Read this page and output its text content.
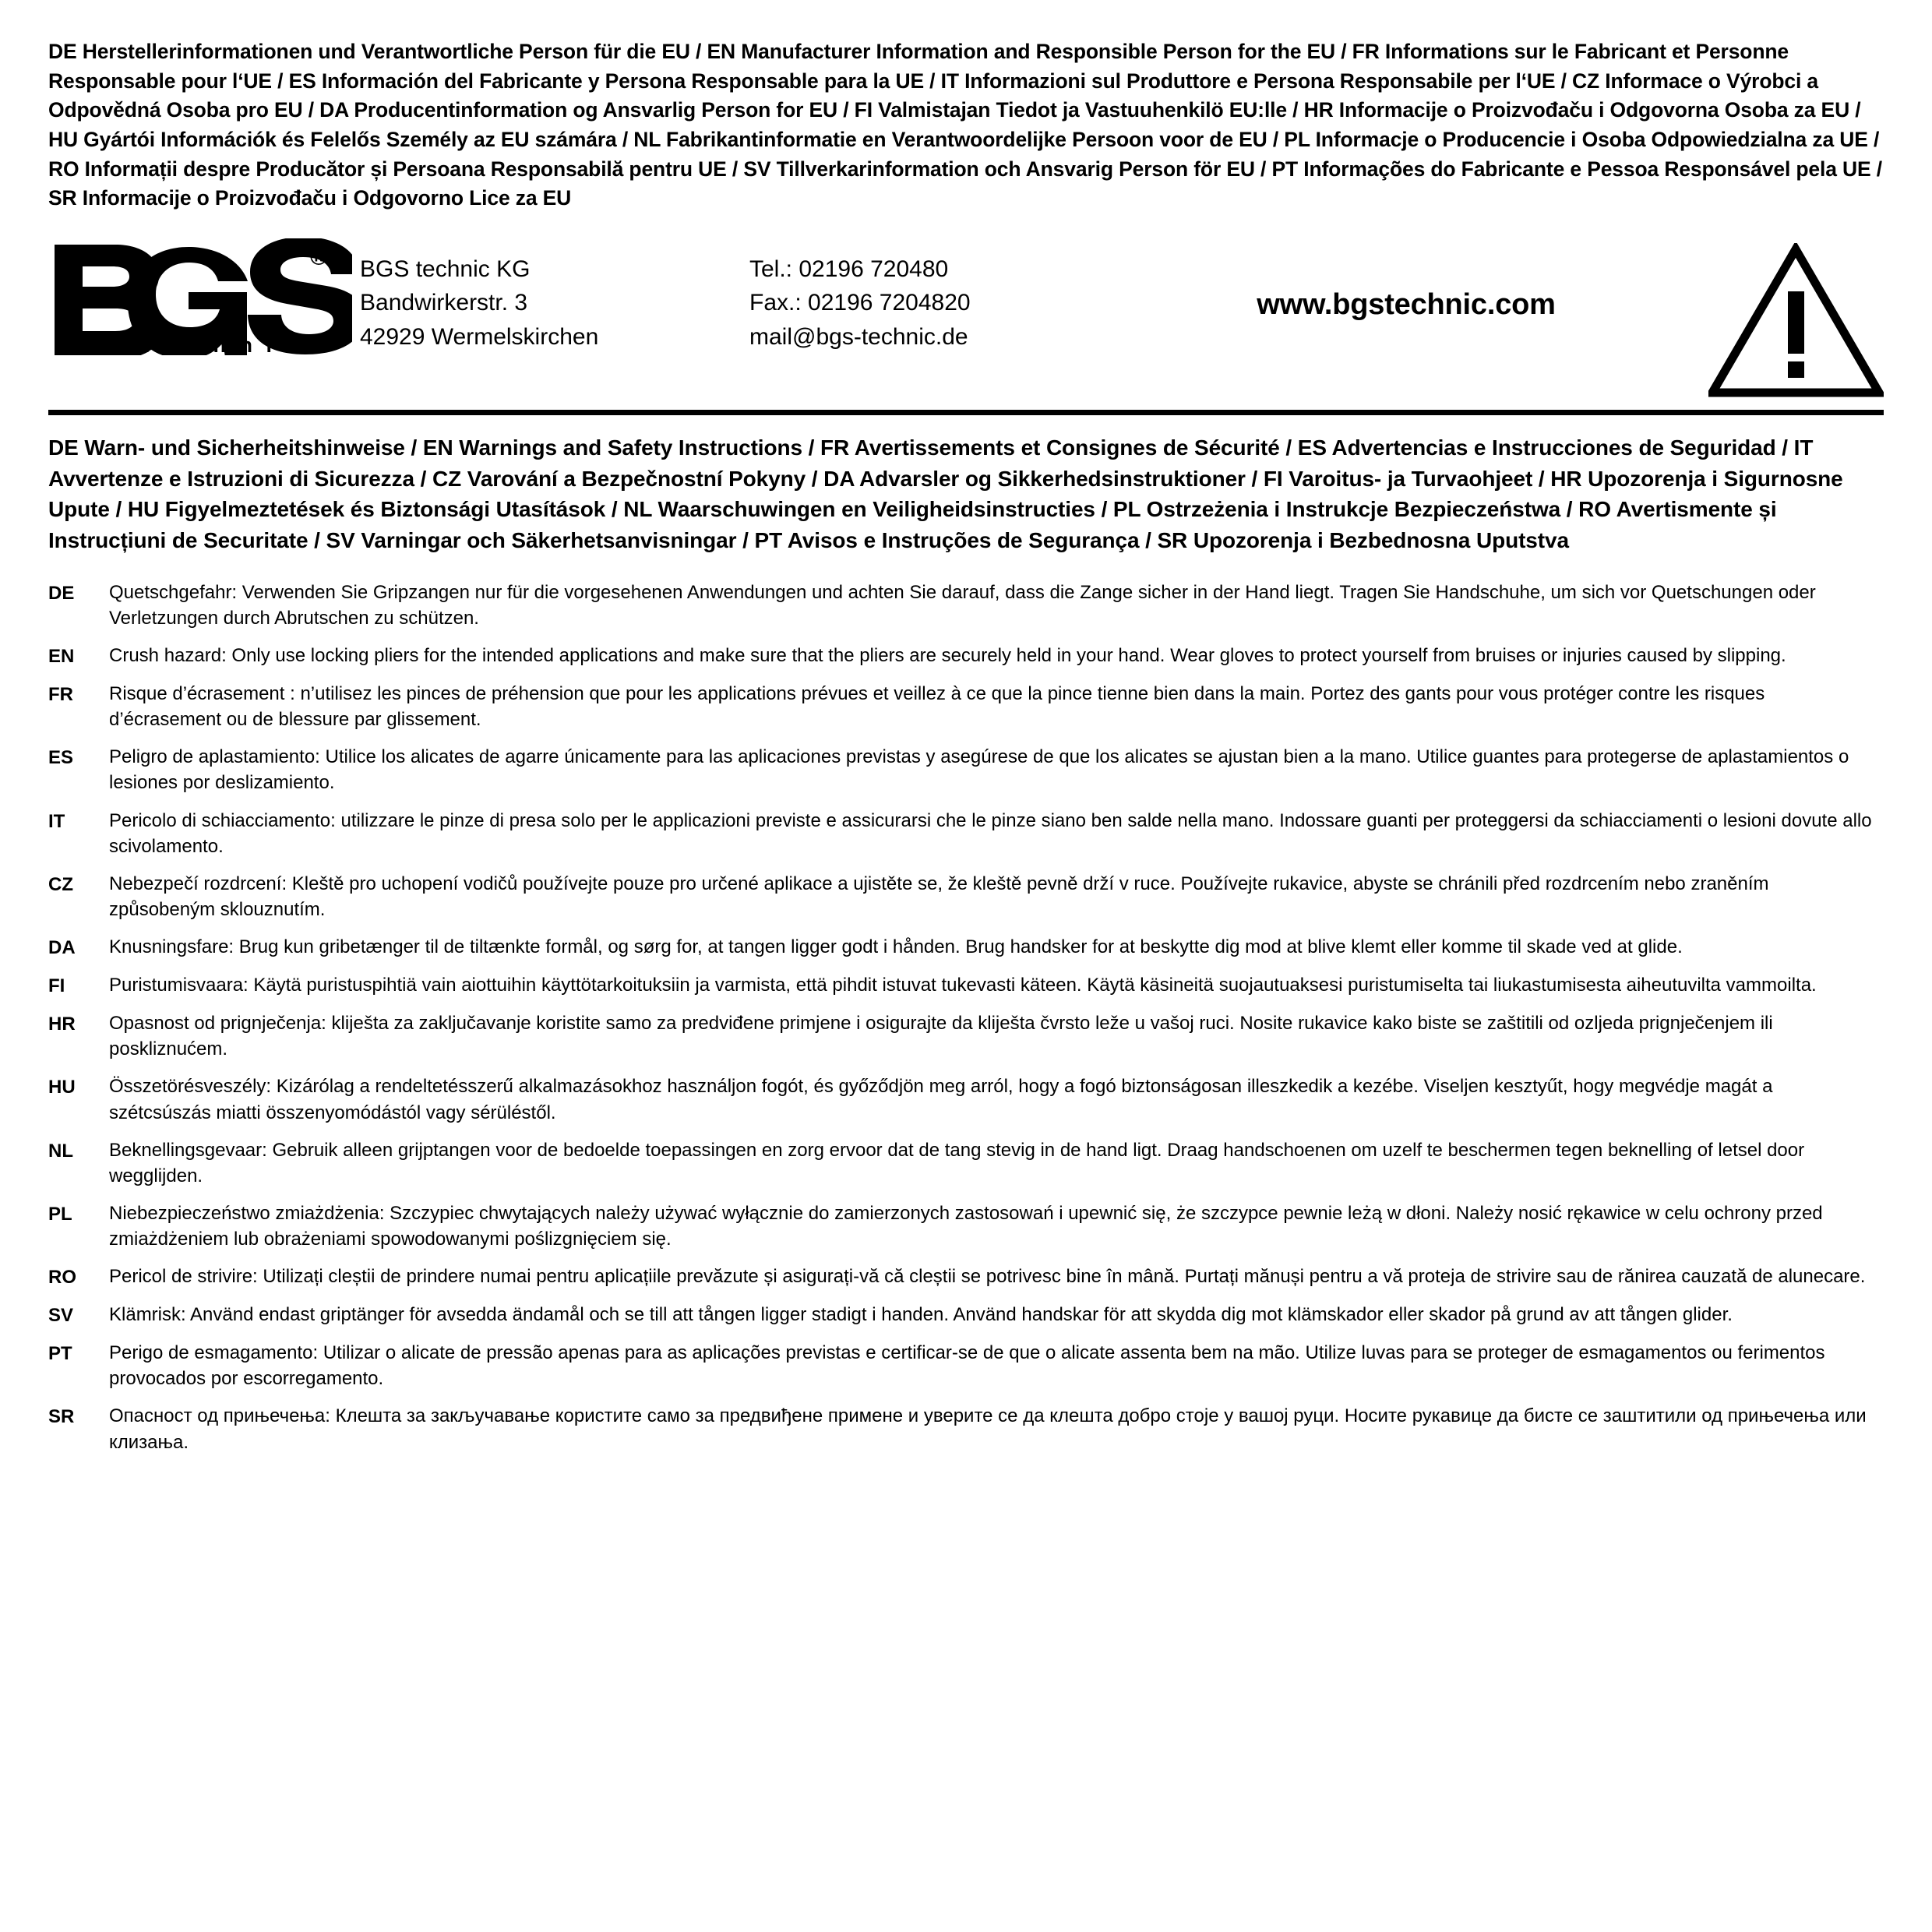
DE Herstellerinformationen und Verantwortliche Person für die EU / EN Manufacturer Information and Responsible Person for the EU / FR Informations sur le Fabricant et Personne Responsable pour l‘UE / ES Información del Fabricante y Persona Responsable para la UE / IT Informazioni sul Produttore e Persona Responsabile per l‘UE / CZ Informace o Výrobci a Odpovědná Osoba pro EU / DA Producentinformation og Ansvarlig Person for EU / FI Valmistajan Tiedot ja Vastuuhenkilö EU:lle / HR Informacije o Proizvođaču i Odgovorna Osoba za EU / HU Gyártói Információk és Felelős Személy az EU számára / NL Fabrikantinformatie en Verantwoordelijke Persoon voor de EU / PL Informacje o Producencie i Osoba Odpowiedzialna za UE / RO Informații despre Producător și Persoana Responsabilă pentru UE / SV Tillverkarinformation och Ansvarig Person för EU / PT Informações do Fabricante e Pessoa Responsável pela UE / SR Informacije o Proizvođaču i Odgovorno Lice za EU
®
t e c h n i c
BGS technic KG
Bandwirkerstr. 3
42929 Wermelskirchen
Tel.: 02196 720480
Fax.: 02196 7204820
mail@bgs-technic.de
www.bgstechnic.com
DE Warn- und Sicherheitshinweise / EN Warnings and Safety Instructions / FR Avertissements et Consignes de Sécurité / ES Advertencias e Instrucciones de Seguridad / IT Avvertenze e Istruzioni di Sicurezza / CZ Varování a Bezpečnostní Pokyny / DA Advarsler og Sikkerhedsinstruktioner / FI Varoitus- ja Turvaohjeet / HR Upozorenja i Sigurnosne Upute / HU Figyelmeztetések és Biztonsági Utasítások / NL Waarschuwingen en Veiligheidsinstructies / PL Ostrzeżenia i Instrukcje Bezpieczeństwa / RO Avertismente și Instrucțiuni de Securitate / SV Varningar och Säkerhetsanvisningar / PT Avisos e Instruções de Segurança / SR Upozorenja i Bezbednosna Uputstva
DE	Quetschgefahr: Verwenden Sie Gripzangen nur für die vorgesehenen Anwendungen und achten Sie darauf, dass die Zange sicher in der Hand liegt. Tragen Sie Handschuhe, um sich vor Quetschungen oder Verletzungen durch Abrutschen zu schützen.
EN	Crush hazard: Only use locking pliers for the intended applications and make sure that the pliers are securely held in your hand. Wear gloves to protect yourself from bruises or injuries caused by slipping.
FR	Risque d’écrasement : n’utilisez les pinces de préhension que pour les applications prévues et veillez à ce que la pince tienne bien dans la main. Portez des gants pour vous protéger contre les risques d’écrasement ou de blessure par glissement.
ES	Peligro de aplastamiento: Utilice los alicates de agarre únicamente para las aplicaciones previstas y asegúrese de que los alicates se ajustan bien a la mano. Utilice guantes para protegerse de aplastamientos o lesiones por deslizamiento.
IT	Pericolo di schiacciamento: utilizzare le pinze di presa solo per le applicazioni previste e assicurarsi che le pinze siano ben salde nella mano. Indossare guanti per proteggersi da schiacciamenti o lesioni dovute allo scivolamento.
CZ	Nebezpečí rozdrcení: Kleště pro uchopení vodičů používejte pouze pro určené aplikace a ujistěte se, že kleště pevně drží v ruce. Používejte rukavice, abyste se chránili před rozdrcením nebo zraněním způsobeným sklouznutím.
DA	Knusningsfare: Brug kun gribetænger til de tiltænkte formål, og sørg for, at tangen ligger godt i hånden. Brug handsker for at beskytte dig mod at blive klemt eller komme til skade ved at glide.
FI	Puristumisvaara: Käytä puristuspihtiä vain aiottuihin käyttötarkoituksiin ja varmista, että pihdit istuvat tukevasti käteen. Käytä käsineitä suojautuaksesi puristumiselta tai liukastumisesta aiheutuvilta vammoilta.
HR	Opasnost od prignječenja: kliješta za zaključavanje koristite samo za predviđene primjene i osigurajte da kliješta čvrsto leže u vašoj ruci. Nosite rukavice kako biste se zaštitili od ozljeda prignječenjem ili poskliznućem.
HU	Összetörésveszély: Kizárólag a rendeltetésszerű alkalmazásokhoz használjon fogót, és győződjön meg arról, hogy a fogó biztonságosan illeszkedik a kezébe. Viseljen kesztyűt, hogy megvédje magát a szétcsúszás miatti összenyomódástól vagy sérüléstől.
NL	Beknellingsgevaar: Gebruik alleen grijptangen voor de bedoelde toepassingen en zorg ervoor dat de tang stevig in de hand ligt. Draag handschoenen om uzelf te beschermen tegen beknelling of letsel door wegglijden.
PL	Niebezpieczeństwo zmiażdżenia: Szczypiec chwytających należy używać wyłącznie do zamierzonych zastosowań i upewnić się, że szczypce pewnie leżą w dłoni. Należy nosić rękawice w celu ochrony przed zmiażdżeniem lub obrażeniami spowodowanymi poślizgnięciem się.
RO	Pericol de strivire: Utilizați cleștii de prindere numai pentru aplicațiile prevăzute și asigurați-vă că cleștii se potrivesc bine în mână. Purtați mănuși pentru a vă proteja de strivire sau de rănirea cauzată de alunecare.
SV	Klämrisk: Använd endast griptänger för avsedda ändamål och se till att tången ligger stadigt i handen. Använd handskar för att skydda dig mot klämskador eller skador på grund av att tången glider.
PT	Perigo de esmagamento: Utilizar o alicate de pressão apenas para as aplicações previstas e certificar-se de que o alicate assenta bem na mão. Utilize luvas para se proteger de esmagamentos ou ferimentos provocados por escorregamento.
SR	Опасност од прињечења: Клешта за закључавање користите само за предвиђене примене и уверите се да клешта добро стоје у вашој руци. Носите рукавице да бисте се заштитили од прињечења или клизања.
